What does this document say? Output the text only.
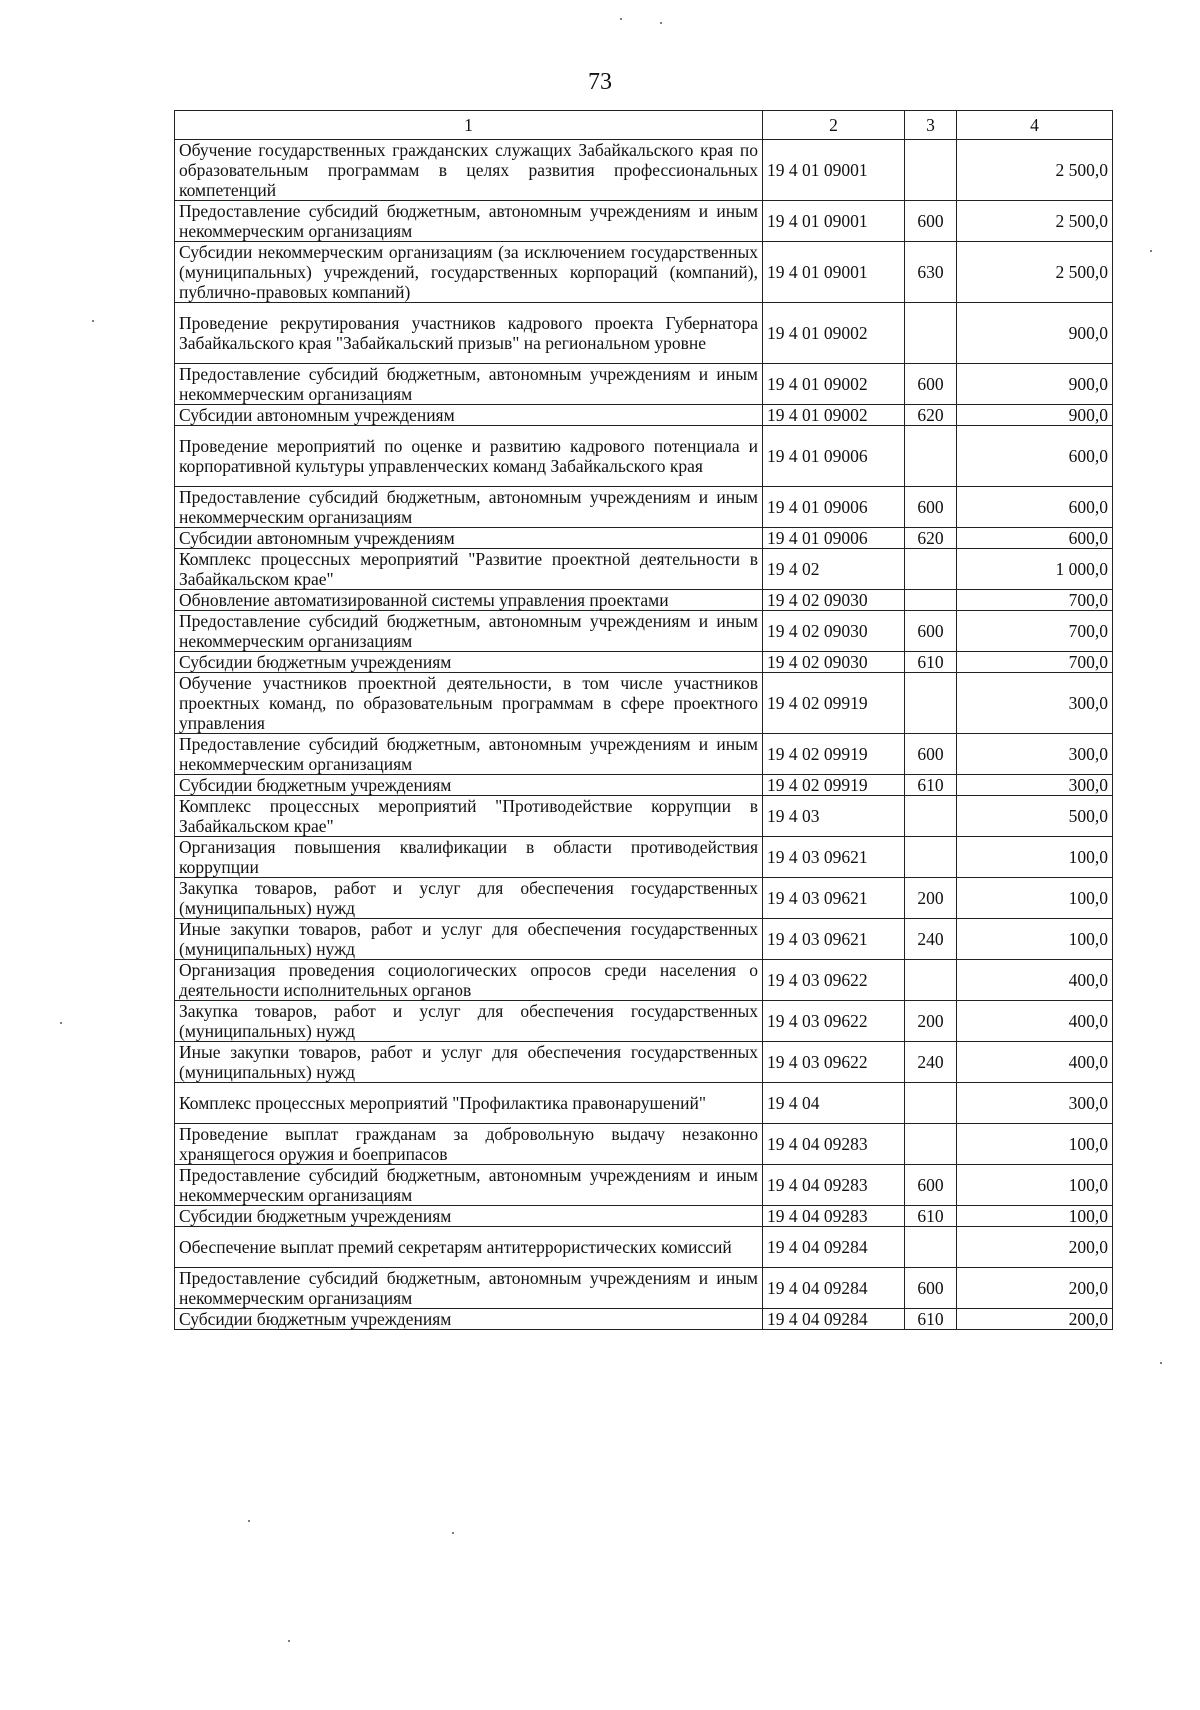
73
1	2	3	4
Обучение государственных гражданских служащих Забайкальского края по образовательным программам в целях развития профессиональных компетенций	19 4 01 09001		2 500,0
Предоставление субсидий бюджетным, автономным учреждениям и иным некоммерческим организациям	19 4 01 09001	600	2 500,0
Субсидии некоммерческим организациям (за исключением государственных (муниципальных) учреждений, государственных корпораций (компаний), публично-правовых компаний)	19 4 01 09001	630	2 500,0
Проведение рекрутирования участников кадрового проекта Губернатора Забайкальского края "Забайкальский призыв" на региональном уровне	19 4 01 09002		900,0
Предоставление субсидий бюджетным, автономным учреждениям и иным некоммерческим организациям	19 4 01 09002	600	900,0
Субсидии автономным учреждениям	19 4 01 09002	620	900,0
Проведение мероприятий по оценке и развитию кадрового потенциала и корпоративной культуры управленческих команд Забайкальского края	19 4 01 09006		600,0
Предоставление субсидий бюджетным, автономным учреждениям и иным некоммерческим организациям	19 4 01 09006	600	600,0
Субсидии автономным учреждениям	19 4 01 09006	620	600,0
Комплекс процессных мероприятий "Развитие проектной деятельности в Забайкальском крае"	19 4 02		1 000,0
Обновление автоматизированной системы управления проектами	19 4 02 09030		700,0
Предоставление субсидий бюджетным, автономным учреждениям и иным некоммерческим организациям	19 4 02 09030	600	700,0
Субсидии бюджетным учреждениям	19 4 02 09030	610	700,0
Обучение участников проектной деятельности, в том числе участников проектных команд, по образовательным программам в сфере проектного управления	19 4 02 09919		300,0
Предоставление субсидий бюджетным, автономным учреждениям и иным некоммерческим организациям	19 4 02 09919	600	300,0
Субсидии бюджетным учреждениям	19 4 02 09919	610	300,0
Комплекс процессных мероприятий "Противодействие коррупции в Забайкальском крае"	19 4 03		500,0
Организация повышения квалификации в области противодействия коррупции	19 4 03 09621		100,0
Закупка товаров, работ и услуг для обеспечения государственных (муниципальных) нужд	19 4 03 09621	200	100,0
Иные закупки товаров, работ и услуг для обеспечения государственных (муниципальных) нужд	19 4 03 09621	240	100,0
Организация проведения социологических опросов среди населения о деятельности исполнительных органов	19 4 03 09622		400,0
Закупка товаров, работ и услуг для обеспечения государственных (муниципальных) нужд	19 4 03 09622	200	400,0
Иные закупки товаров, работ и услуг для обеспечения государственных (муниципальных) нужд	19 4 03 09622	240	400,0
Комплекс процессных мероприятий "Профилактика правонарушений"	19 4 04		300,0
Проведение выплат гражданам за добровольную выдачу незаконно хранящегося оружия и боеприпасов	19 4 04 09283		100,0
Предоставление субсидий бюджетным, автономным учреждениям и иным некоммерческим организациям	19 4 04 09283	600	100,0
Субсидии бюджетным учреждениям	19 4 04 09283	610	100,0
Обеспечение выплат премий секретарям антитеррористических комиссий	19 4 04 09284		200,0
Предоставление субсидий бюджетным, автономным учреждениям и иным некоммерческим организациям	19 4 04 09284	600	200,0
Субсидии бюджетным учреждениям	19 4 04 09284	610	200,0
